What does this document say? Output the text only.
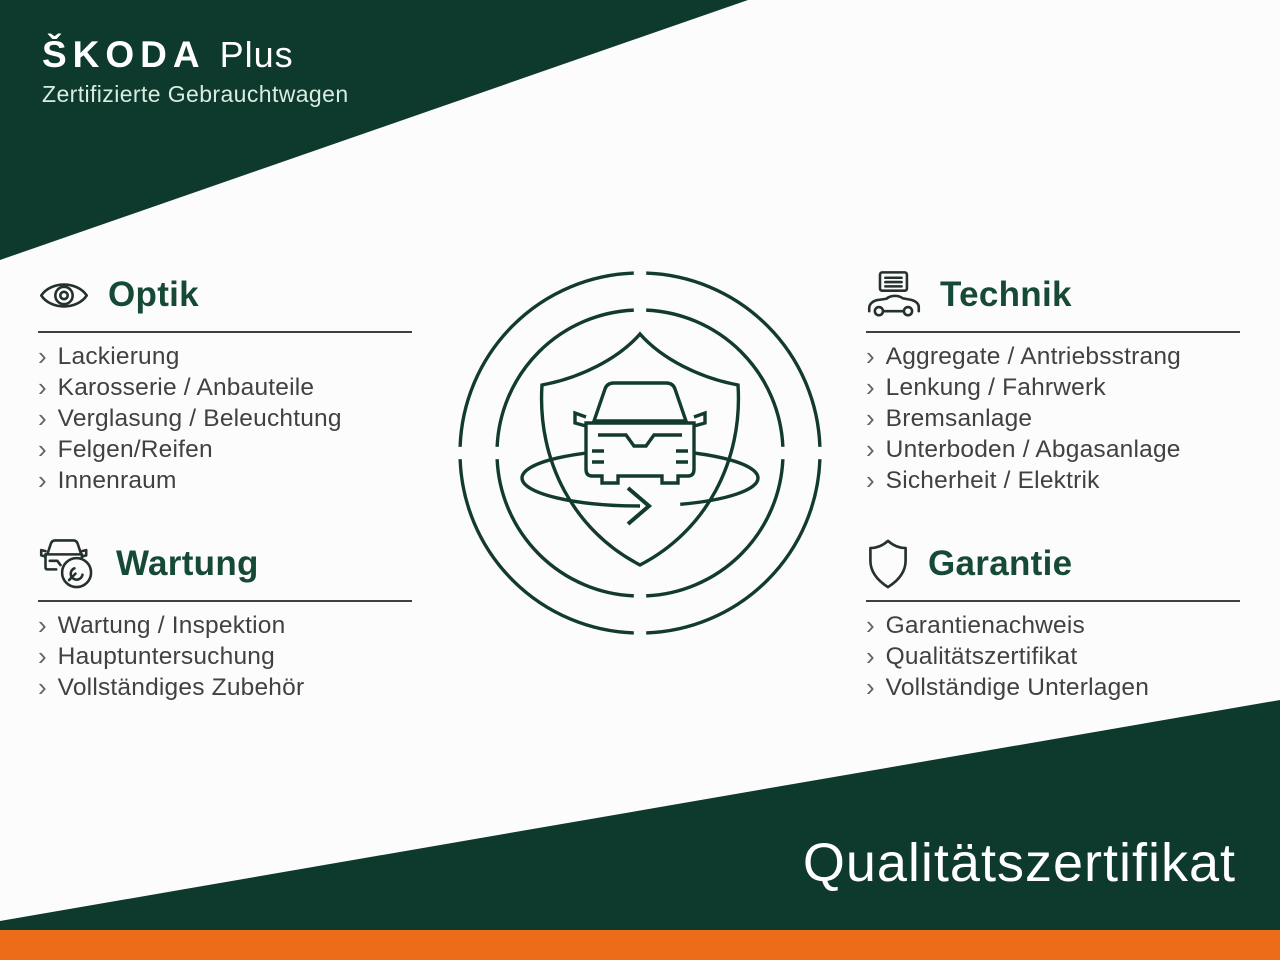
ŠKODA Plus
Zertifizierte Gebrauchtwagen
Optik
› Lackierung
› Karosserie / Anbauteile
› Verglasung / Beleuchtung
› Felgen/Reifen
› Innenraum
Technik
› Aggregate / Antriebsstrang
› Lenkung / Fahrwerk
› Bremsanlage
› Unterboden / Abgasanlage
› Sicherheit / Elektrik
Wartung
› Wartung / Inspektion
› Hauptuntersuchung
› Vollständiges Zubehör
Garantie
› Garantienachweis
› Qualitätszertifikat
› Vollständige Unterlagen
Qualitätszertifikat
